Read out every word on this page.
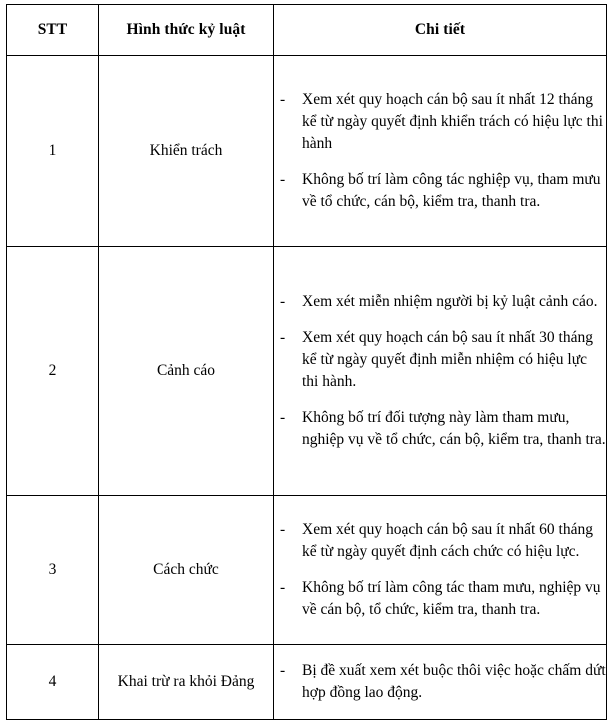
STT	Hình thức kỷ luật	Chi tiết
1	Khiển trách	
- Xem xét quy hoạch cán bộ sau ít nhất 12 tháng kể từ ngày quyết định khiển trách có hiệu lực thi hành
- Không bố trí làm công tác nghiệp vụ, tham mưu về tổ chức, cán bộ, kiểm tra, thanh tra.

2	Cảnh cáo	
- Xem xét miễn nhiệm người bị kỷ luật cảnh cáo.
- Xem xét quy hoạch cán bộ sau ít nhất 30 tháng kể từ ngày quyết định miễn nhiệm có hiệu lực thi hành.
- Không bố trí đối tượng này làm tham mưu, nghiệp vụ về tổ chức, cán bộ, kiểm tra, thanh tra.

3	Cách chức	
- Xem xét quy hoạch cán bộ sau ít nhất 60 tháng kể từ ngày quyết định cách chức có hiệu lực.
- Không bố trí làm công tác tham mưu, nghiệp vụ về cán bộ, tổ chức, kiểm tra, thanh tra.

4	Khai trừ ra khỏi Đảng	
- Bị đề xuất xem xét buộc thôi việc hoặc chấm dứt hợp đồng lao động.
